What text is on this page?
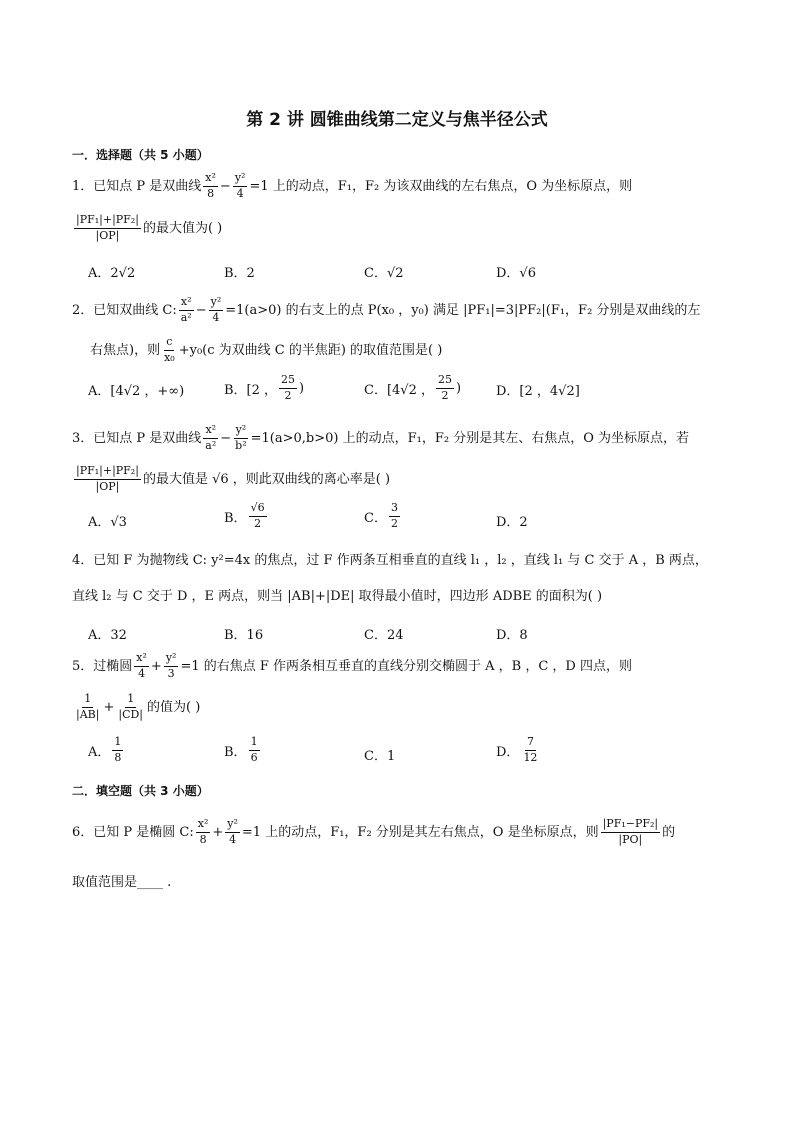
第 2 讲 圆锥曲线第二定义与焦半径公式
一．选择题（共 5 小题）
1．已知点 P 是双曲线 $\frac{\text{x²}}{8} - \frac{\text{y²}}{4} =1$ 上的动点，F₁，F₂ 为该双曲线的左右焦点，O 为坐标原点，则
$\frac{\text{|PF₁|+|PF₂|}}{|OP|}$ 的最大值为( )
A．2√2	B．2	C．√2	D．√6
2．已知双曲线 C: $\frac{\text{x²}}{\text{a²}} - \frac{\text{y²}}{4} =1(a>0)$ 的右支上的点 P(x₀ ，y₀) 满足 |PF₁|=3|PF₂|(F₁，F₂ 分别是双曲线的左
右焦点)，则 $\frac{c}{\text{x₀}} +y_0(c$ 为双曲线 C 的半焦距) 的取值范围是( )
A．[4√2 ，+∞)	B．[2 ， $\frac{25}{2}$ )	C．[4√2 ， $\frac{25}{2}$ )	D．[2 ，4√2]
3．已知点 P 是双曲线 $\frac{\text{x²}}{\text{a²}} - \frac{\text{y²}}{\text{b²}} =1(a>0,b>0)$ 上的动点，F₁，F₂ 分别是其左、右焦点，O 为坐标原点，若
$\frac{\text{|PF₁|+|PF₂|}}{|OP|}$ 的最大值是 √6 ，则此双曲线的离心率是( )
A．√3	B． $\frac{√6}{2}$	C． $\frac{3}{2}$	D．2
4．已知 F 为抛物线 C: y²=4x 的焦点，过 F 作两条互相垂直的直线 l₁ ，l₂ ，直线 l₁ 与 C 交于 A ，B 两点，
直线 l₂ 与 C 交于 D ，E 两点，则当 |AB|+|DE| 取得最小值时，四边形 ADBE 的面积为( )
A．32	B．16	C．24	D．8
5．过椭圆 $\frac{\text{x²}}{4} + \frac{\text{y²}}{3} =1$ 的右焦点 F 作两条相互垂直的直线分别交椭圆于 A ，B ，C ，D 四点，则
$\frac{1}{|AB|} + \frac{1}{|CD|}$ 的值为( )
A． $\frac{1}{8}$	B． $\frac{1}{6}$	C．1	D． $\frac{7}{12}$
二．填空题（共 3 小题）
6．已知 P 是椭圆 C: $\frac{\text{x²}}{8} + \frac{\text{y²}}{4} =1$ 上的动点，F₁，F₂ 分别是其左右焦点，O 是坐标原点，则 $\frac{\text{|PF₁−PF₂|}}{|PO|}$ 的
取值范围是____ .
